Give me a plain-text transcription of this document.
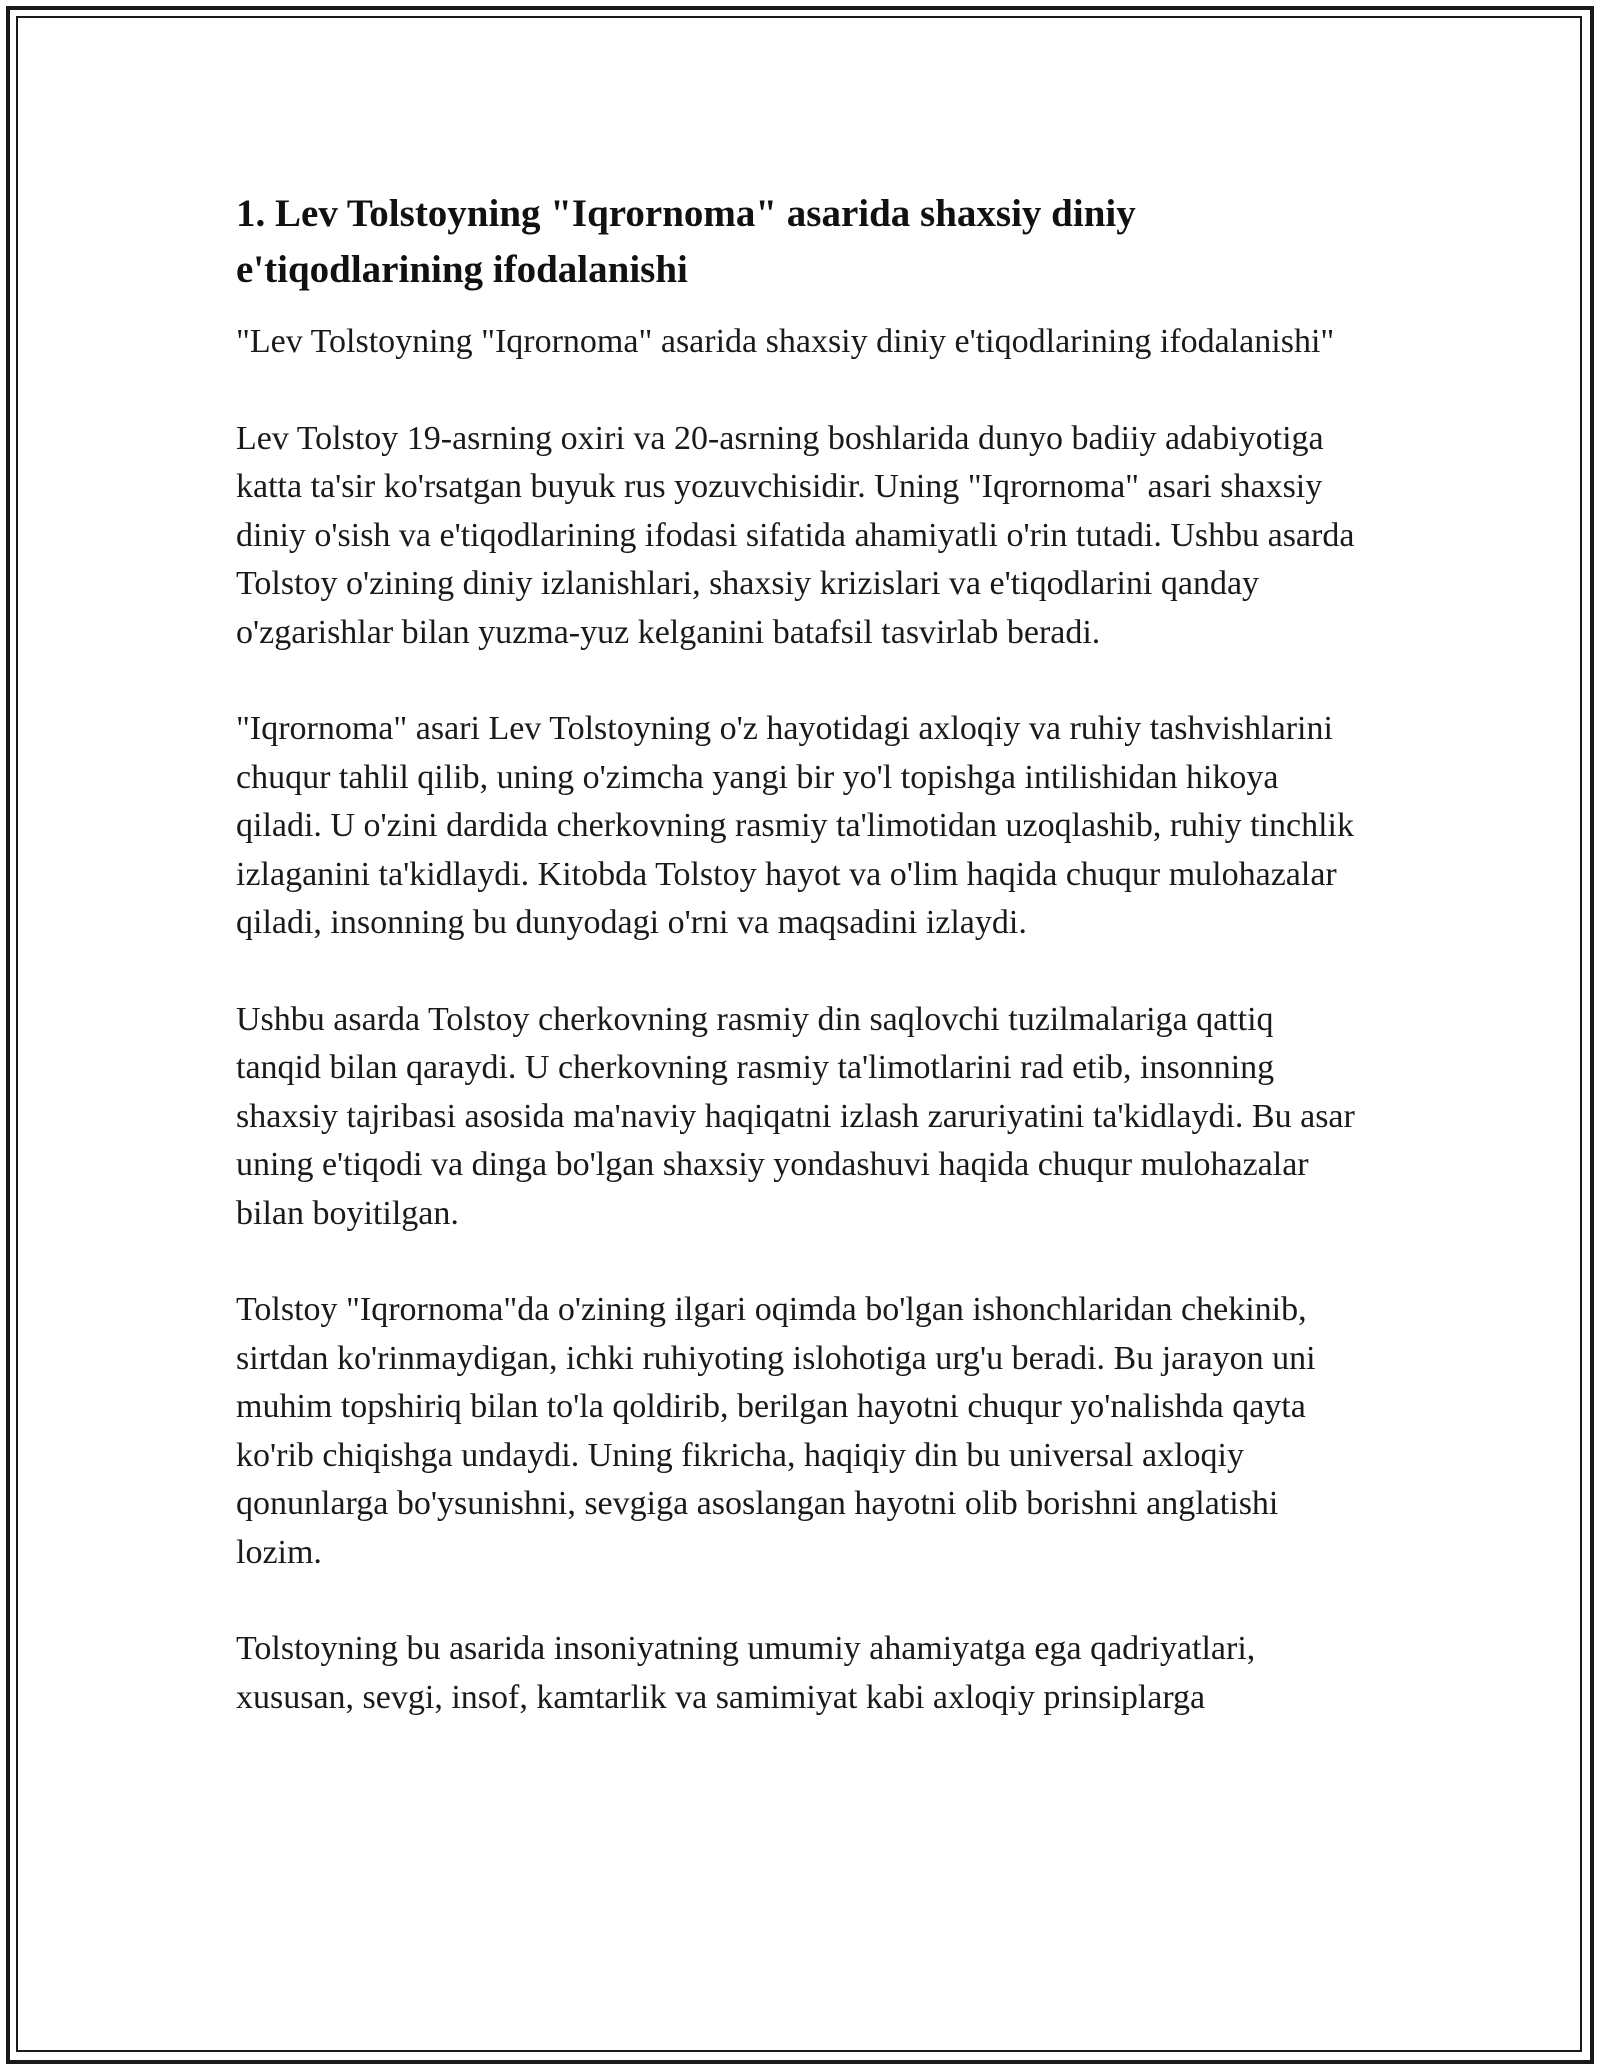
1. Lev Tolstoyning "Iqrornoma" asarida shaxsiy diniy e'tiqodlarining ifodalanishi

"Lev Tolstoyning "Iqrornoma" asarida shaxsiy diniy e'tiqodlarining ifodalanishi"

Lev Tolstoy 19-asrning oxiri va 20-asrning boshlarida dunyo badiiy adabiyotiga katta ta'sir ko'rsatgan buyuk rus yozuvchisidir. Uning "Iqrornoma" asari shaxsiy diniy o'sish va e'tiqodlarining ifodasi sifatida ahamiyatli o'rin tutadi. Ushbu asarda Tolstoy o'zining diniy izlanishlari, shaxsiy krizislari va e'tiqodlarini qanday o'zgarishlar bilan yuzma-yuz kelganini batafsil tasvirlab beradi.

"Iqrornoma" asari Lev Tolstoyning o'z hayotidagi axloqiy va ruhiy tashvishlarini chuqur tahlil qilib, uning o'zimcha yangi bir yo'l topishga intilishidan hikoya qiladi. U o'zini dardida cherkovning rasmiy ta'limotidan uzoqlashib, ruhiy tinchlik izlaganini ta'kidlaydi. Kitobda Tolstoy hayot va o'lim haqida chuqur mulohazalar qiladi, insonning bu dunyodagi o'rni va maqsadini izlaydi.

Ushbu asarda Tolstoy cherkovning rasmiy din saqlovchi tuzilmalariga qattiq tanqid bilan qaraydi. U cherkovning rasmiy ta'limotlarini rad etib, insonning shaxsiy tajribasi asosida ma'naviy haqiqatni izlash zaruriyatini ta'kidlaydi. Bu asar uning e'tiqodi va dinga bo'lgan shaxsiy yondashuvi haqida chuqur mulohazalar bilan boyitilgan.

Tolstoy "Iqrornoma"da o'zining ilgari oqimda bo'lgan ishonchlaridan chekinib, sirtdan ko'rinmaydigan, ichki ruhiyoting islohotiga urg'u beradi. Bu jarayon uni muhim topshiriq bilan to'la qoldirib, berilgan hayotni chuqur yo'nalishda qayta ko'rib chiqishga undaydi. Uning fikricha, haqiqiy din bu universal axloqiy qonunlarga bo'ysunishni, sevgiga asoslangan hayotni olib borishni anglatishi lozim.

Tolstoyning bu asarida insoniyatning umumiy ahamiyatga ega qadriyatlari, xususan, sevgi, insof, kamtarlik va samimiyat kabi axloqiy prinsiplarga
